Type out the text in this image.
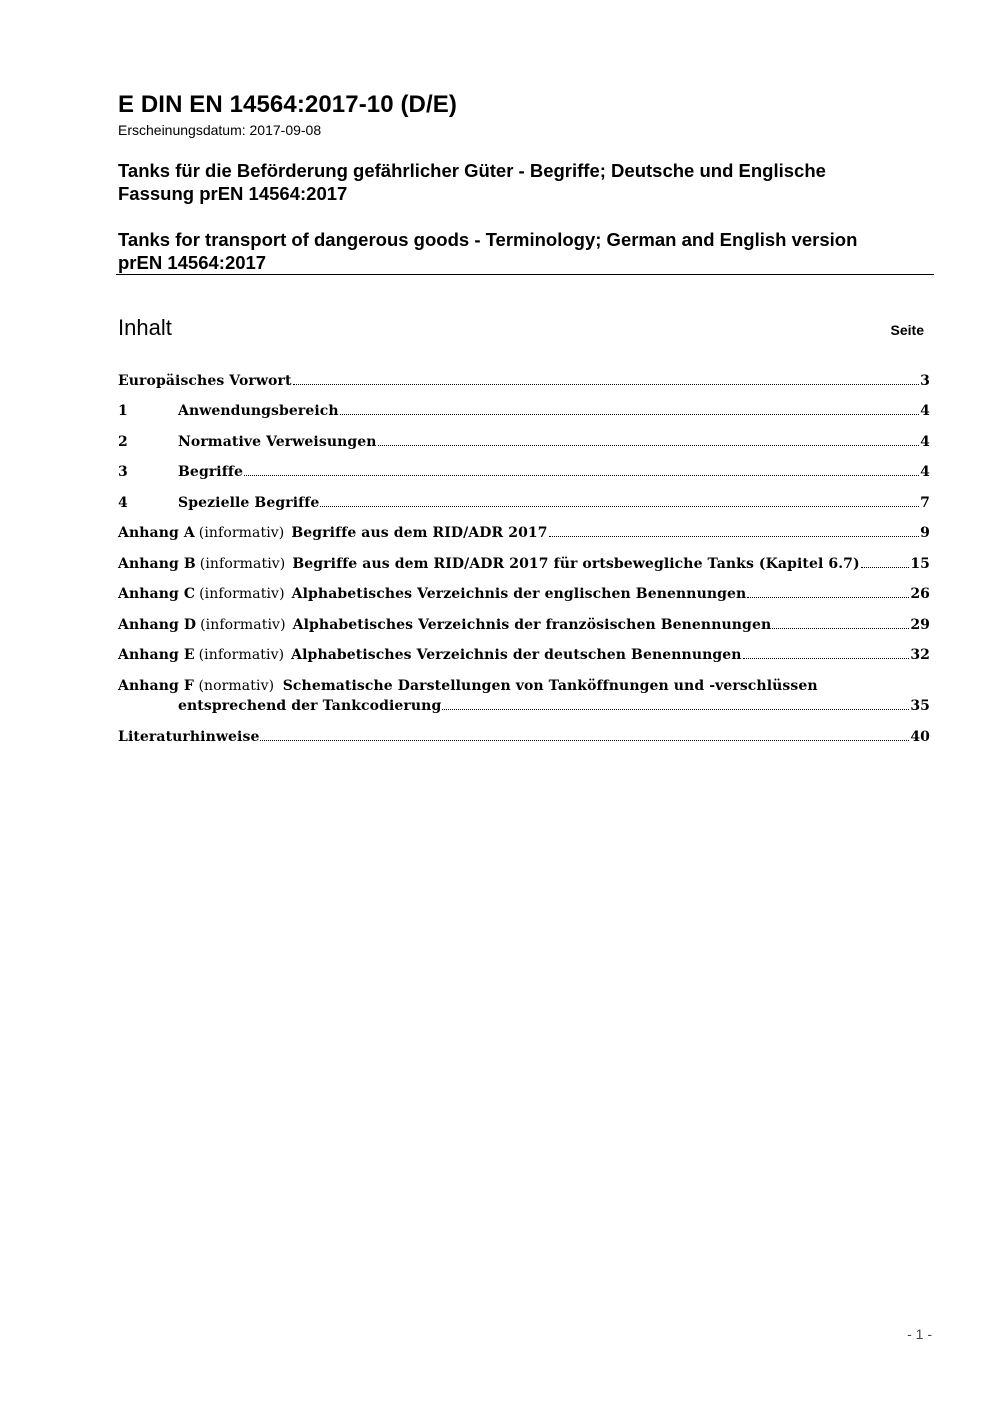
E DIN EN 14564:2017-10 (D/E)
Erscheinungsdatum: 2017-09-08
Tanks für die Beförderung gefährlicher Güter - Begriffe; Deutsche und Englische
Fassung prEN 14564:2017
Tanks for transport of dangerous goods - Terminology; German and English version
prEN 14564:2017
Inhalt	Seite
Europäisches Vorwort	3
1	Anwendungsbereich	4
2	Normative Verweisungen	4
3	Begriffe	4
4	Spezielle Begriffe	7
Anhang A (informativ) Begriffe aus dem RID/ADR 2017	9
Anhang B (informativ) Begriffe aus dem RID/ADR 2017 für ortsbewegliche Tanks (Kapitel 6.7)	15
Anhang C (informativ) Alphabetisches Verzeichnis der englischen Benennungen	26
Anhang D (informativ) Alphabetisches Verzeichnis der französischen Benennungen	29
Anhang E (informativ) Alphabetisches Verzeichnis der deutschen Benennungen	32
Anhang F (normativ) Schematische Darstellungen von Tanköffnungen und -verschlüssen
entsprechend der Tankcodierung	35
Literaturhinweise	40
- 1 -
